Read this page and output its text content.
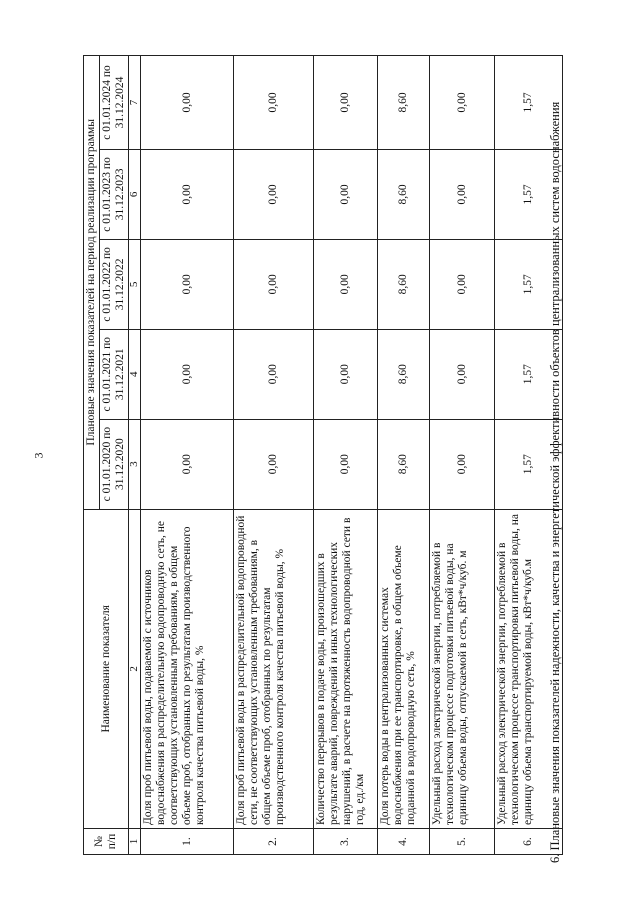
3	6. Плановые значения показателей надежности, качества и энергетической эффективности объектов централизованных систем водоснабжения
№ п/п	Наименование показателя	Плановые значения показателей на период реализации программы				
		с 01.01.2020 по 31.12.2020	с 01.01.2021 по 31.12.2021	с 01.01.2022 по 31.12.2022	с 01.01.2023 по 31.12.2023	с 01.01.2024 по 31.12.2024
1	2	3	4	5	6	7
1.	Доля проб питьевой воды, подаваемой с источников водоснабжения в распределительную водопроводную сеть, не соответствующих установленным требованиям, в общем объеме проб, отобранных по результатам производственного контроля качества питьевой воды, %	0,00	0,00	0,00	0,00	0,00
2.	Доля проб питьевой воды в распределительной водопроводной сети, не соответствующих установленным требованиям, в общем объеме проб, отобранных по результатам производственного контроля качества питьевой воды, %	0,00	0,00	0,00	0,00	0,00
3.	Количество перерывов в подаче воды, произошедших в результате аварий, повреждений и иных технологических нарушений, в расчете на протяженность водопроводной сети в год, ед./км	0,00	0,00	0,00	0,00	0,00
4.	Доля потерь воды в централизованных системах водоснабжения при ее транспортировке, в общем объеме поданной в водопроводную сеть, %	8,60	8,60	8,60	8,60	8,60
5.	Удельный расход электрической энергии, потребляемой в технологическом процессе подготовки питьевой воды, на единицу объема воды, отпускаемой в сеть, кВт*ч/куб. м	0,00	0,00	0,00	0,00	0,00
6.	Удельный расход электрической энергии, потребляемой в технологическом процессе транспортировки питьевой воды, на единицу объема транспортируемой воды, кВт*ч/куб.м	1,57	1,57	1,57	1,57	1,57
